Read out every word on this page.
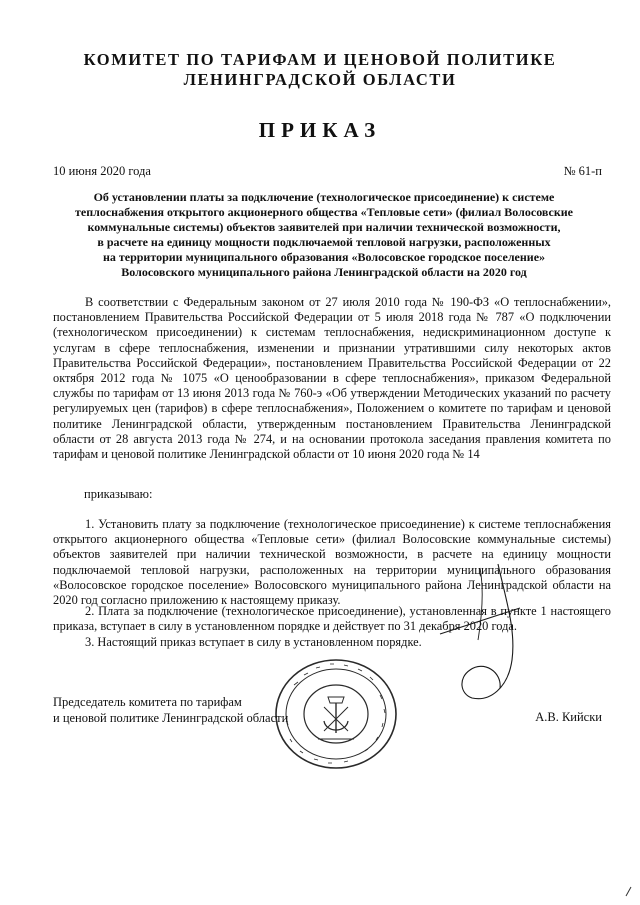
КОМИТЕТ ПО ТАРИФАМ И ЦЕНОВОЙ ПОЛИТИКЕ
ЛЕНИНГРАДСКОЙ ОБЛАСТИ
ПРИКАЗ
10 июня 2020 года	№ 61-п
Об установлении платы за подключение (технологическое присоединение) к системе
теплоснабжения открытого акционерного общества «Тепловые сети» (филиал Волосовские
коммунальные системы) объектов заявителей при наличии технической возможности,
в расчете на единицу мощности подключаемой тепловой нагрузки, расположенных
на территории муниципального образования «Волосовское городское поселение»
Волосовского муниципального района Ленинградской области на 2020 год

В соответствии с Федеральным законом от 27 июля 2010 года № 190-ФЗ «О теплоснабжении», постановлением Правительства Российской Федерации от 5 июля 2018 года № 787 «О подключении (технологическом присоединении) к системам теплоснабжения, недискриминационном доступе к услугам в сфере теплоснабжения, изменении и признании утратившими силу некоторых актов Правительства Российской Федерации», постановлением Правительства Российской Федерации от 22 октября 2012 года № 1075 «О ценообразовании в сфере теплоснабжения», приказом Федеральной службы по тарифам от 13 июня 2013 года № 760-э «Об утверждении Методических указаний по расчету регулируемых цен (тарифов) в сфере теплоснабжения», Положением о комитете по тарифам и ценовой политике Ленинградской области, утвержденным постановлением Правительства Ленинградской области от 28 августа 2013 года № 274, и на основании протокола заседания правления комитета по тарифам и ценовой политике Ленинградской области от 10 июня 2020 года № 14

приказываю:

1. Установить плату за подключение (технологическое присоединение) к системе теплоснабжения открытого акционерного общества «Тепловые сети» (филиал Волосовские коммунальные системы) объектов заявителей при наличии технической возможности, в расчете на единицу мощности подключаемой тепловой нагрузки, расположенных на территории муниципального образования «Волосовское городское поселение» Волосовского муниципального района Ленинградской области на 2020 год согласно приложению к настоящему приказу.

2. Плата за подключение (технологическое присоединение), установленная в пункте 1 настоящего приказа, вступает в силу в установленном порядке и действует по 31 декабря 2020 года.

3. Настоящий приказ вступает в силу в установленном порядке.

Председатель комитета по тарифам
и ценовой политике Ленинградской области	А.В. Кийски
